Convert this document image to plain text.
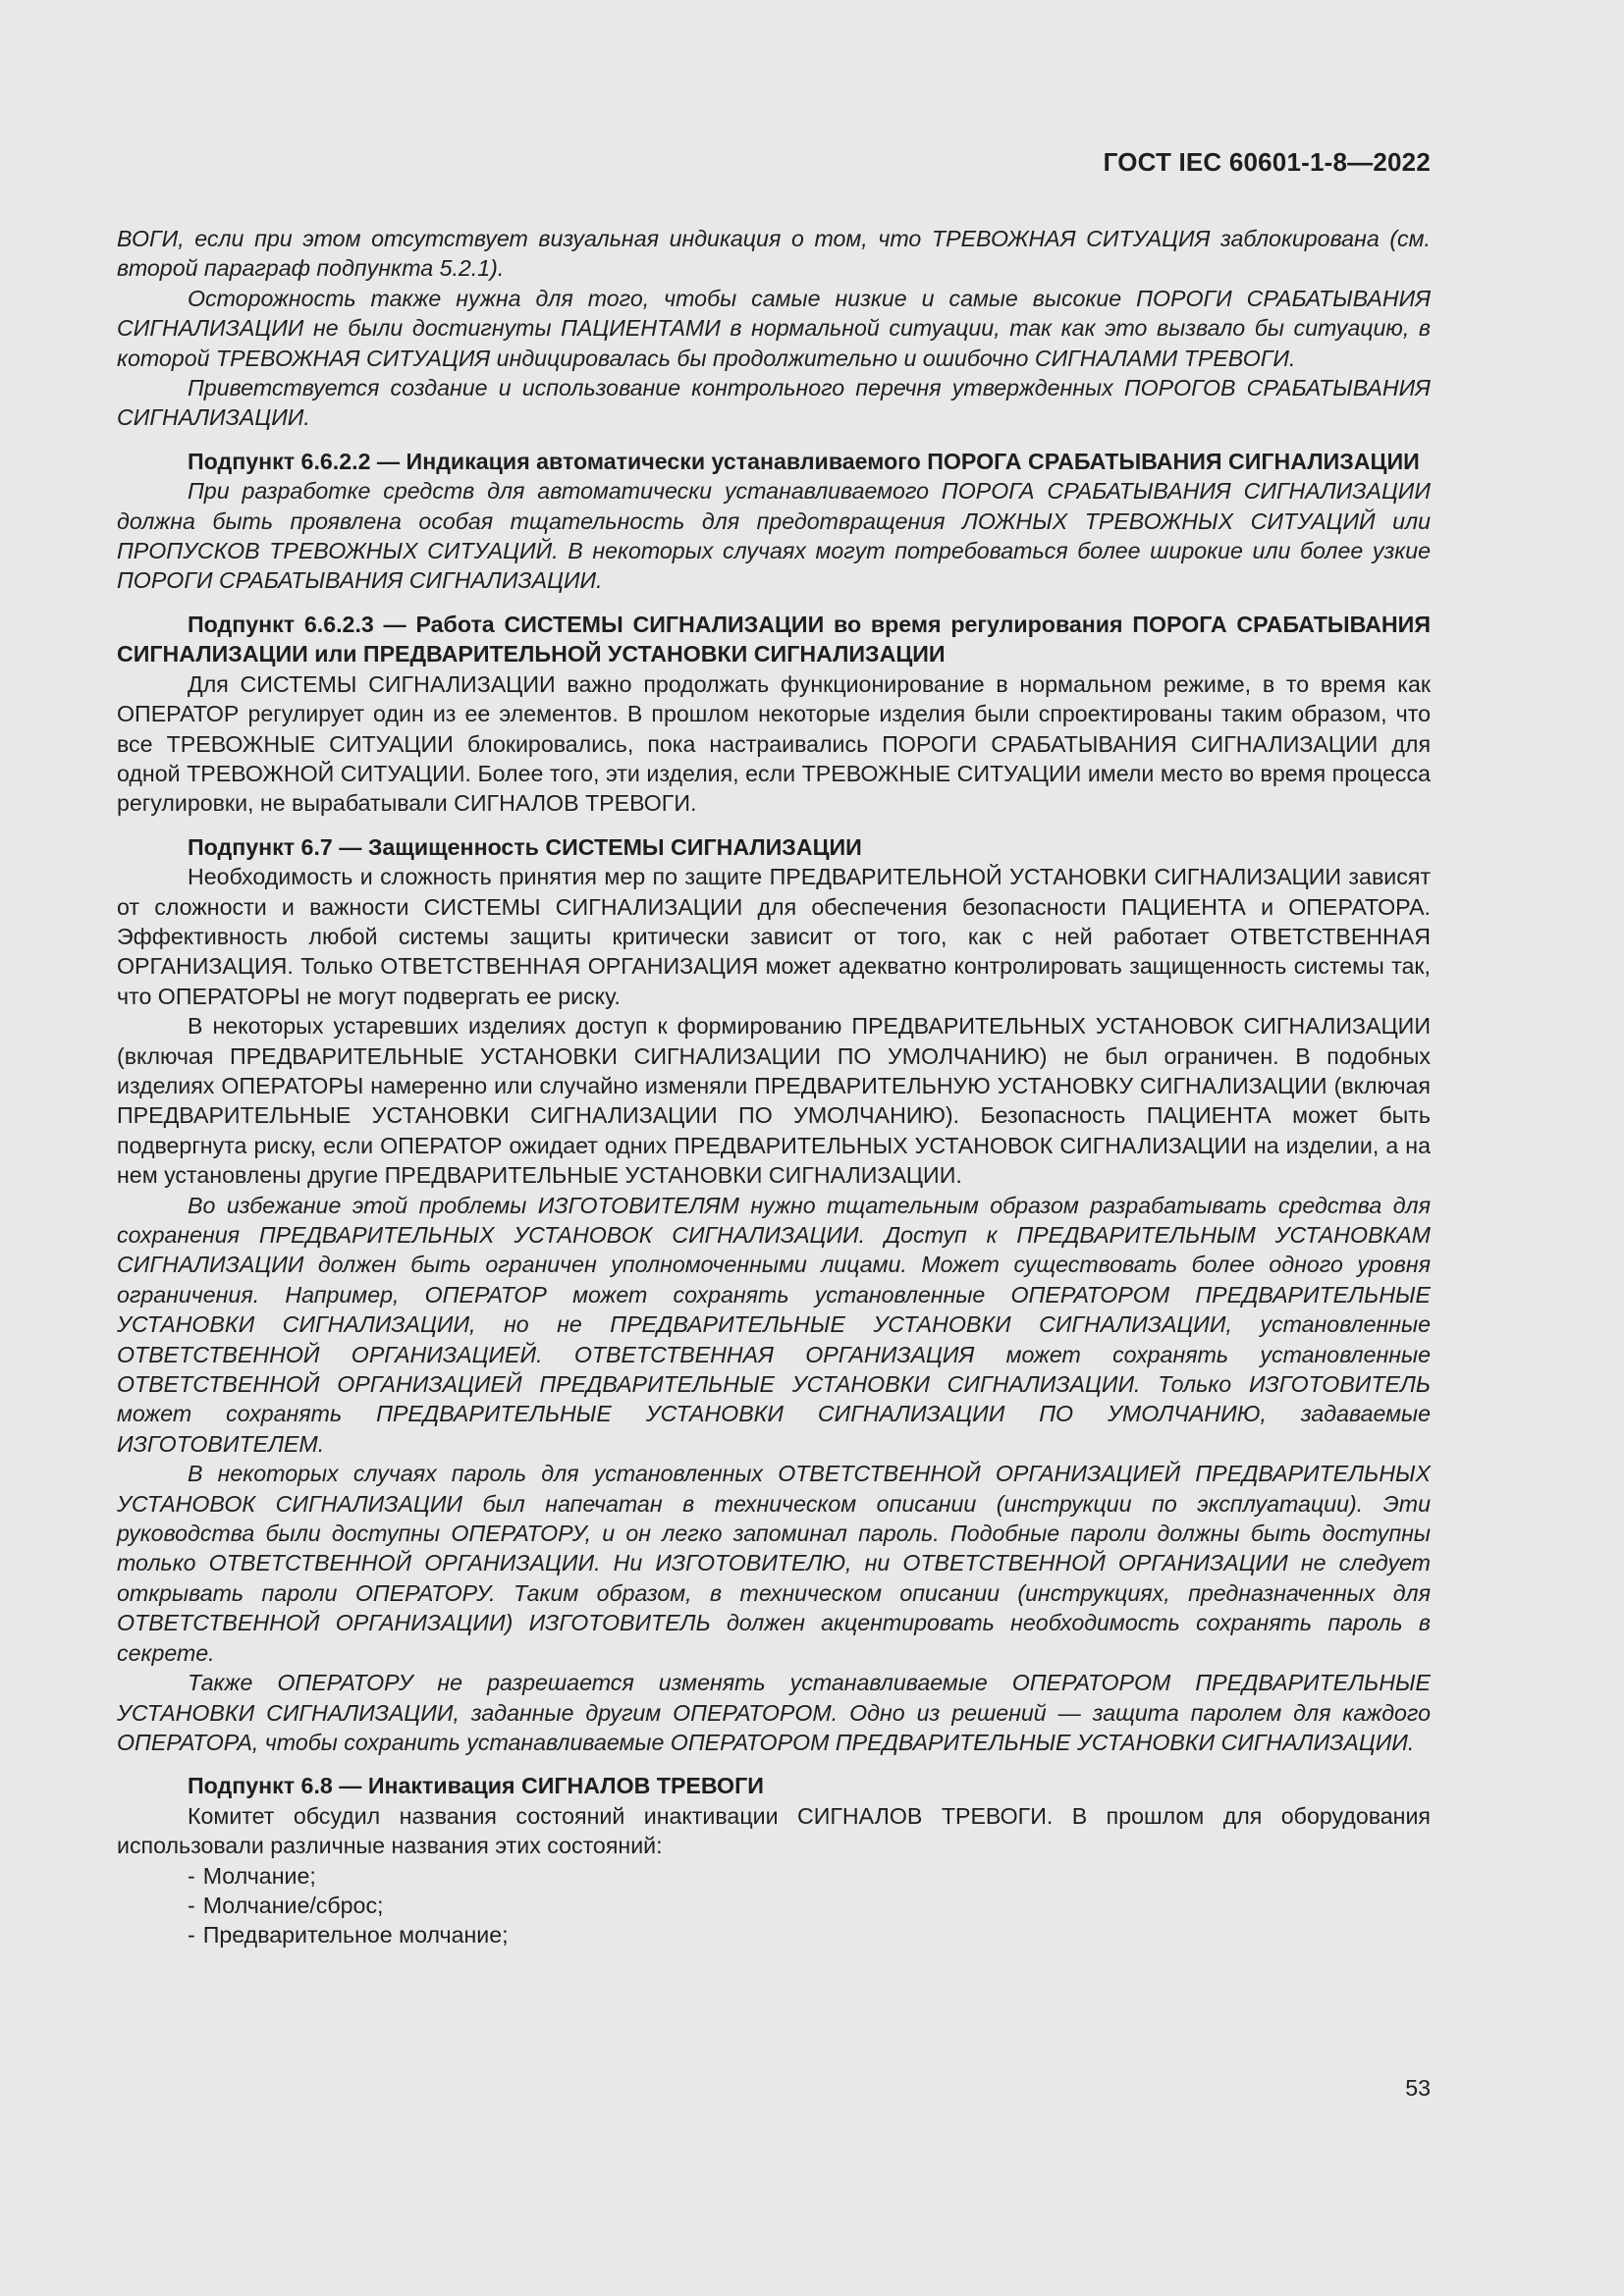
ГОСТ IEC 60601-1-8—2022

ВОГИ, если при этом отсутствует визуальная индикация о том, что ТРЕВОЖНАЯ СИТУАЦИЯ заблокирована (см. второй параграф подпункта 5.2.1).

Осторожность также нужна для того, чтобы самые низкие и самые высокие ПОРОГИ СРАБАТЫВАНИЯ СИГНАЛИЗАЦИИ не были достигнуты ПАЦИЕНТАМИ в нормальной ситуации, так как это вызвало бы ситуацию, в которой ТРЕВОЖНАЯ СИТУАЦИЯ индицировалась бы продолжительно и ошибочно СИГНАЛАМИ ТРЕВОГИ.

Приветствуется создание и использование контрольного перечня утвержденных ПОРОГОВ СРАБАТЫВАНИЯ СИГНАЛИЗАЦИИ.

Подпункт 6.6.2.2 — Индикация автоматически устанавливаемого ПОРОГА СРАБАТЫВАНИЯ СИГНАЛИЗАЦИИ

При разработке средств для автоматически устанавливаемого ПОРОГА СРАБАТЫВАНИЯ СИГНАЛИЗАЦИИ должна быть проявлена особая тщательность для предотвращения ЛОЖНЫХ ТРЕВОЖНЫХ СИТУАЦИЙ или ПРОПУСКОВ ТРЕВОЖНЫХ СИТУАЦИЙ. В некоторых случаях могут потребоваться более широкие или более узкие ПОРОГИ СРАБАТЫВАНИЯ СИГНАЛИЗАЦИИ.

Подпункт 6.6.2.3 — Работа СИСТЕМЫ СИГНАЛИЗАЦИИ во время регулирования ПОРОГА СРАБАТЫВАНИЯ СИГНАЛИЗАЦИИ или ПРЕДВАРИТЕЛЬНОЙ УСТАНОВКИ СИГНАЛИЗАЦИИ

Для СИСТЕМЫ СИГНАЛИЗАЦИИ важно продолжать функционирование в нормальном режиме, в то время как ОПЕРАТОР регулирует один из ее элементов. В прошлом некоторые изделия были спроектированы таким образом, что все ТРЕВОЖНЫЕ СИТУАЦИИ блокировались, пока настраивались ПОРОГИ СРАБАТЫВАНИЯ СИГНАЛИЗАЦИИ для одной ТРЕВОЖНОЙ СИТУАЦИИ. Более того, эти изделия, если ТРЕВОЖНЫЕ СИТУАЦИИ имели место во время процесса регулировки, не вырабатывали СИГНАЛОВ ТРЕВОГИ.

Подпункт 6.7 — Защищенность СИСТЕМЫ СИГНАЛИЗАЦИИ

Необходимость и сложность принятия мер по защите ПРЕДВАРИТЕЛЬНОЙ УСТАНОВКИ СИГНАЛИЗАЦИИ зависят от сложности и важности СИСТЕМЫ СИГНАЛИЗАЦИИ для обеспечения безопасности ПАЦИЕНТА и ОПЕРАТОРА. Эффективность любой системы защиты критически зависит от того, как с ней работает ОТВЕТСТВЕННАЯ ОРГАНИЗАЦИЯ. Только ОТВЕТСТВЕННАЯ ОРГАНИЗАЦИЯ может адекватно контролировать защищенность системы так, что ОПЕРАТОРЫ не могут подвергать ее риску.

В некоторых устаревших изделиях доступ к формированию ПРЕДВАРИТЕЛЬНЫХ УСТАНОВОК СИГНАЛИЗАЦИИ (включая ПРЕДВАРИТЕЛЬНЫЕ УСТАНОВКИ СИГНАЛИЗАЦИИ ПО УМОЛЧАНИЮ) не был ограничен. В подобных изделиях ОПЕРАТОРЫ намеренно или случайно изменяли ПРЕДВАРИТЕЛЬНУЮ УСТАНОВКУ СИГНАЛИЗАЦИИ (включая ПРЕДВАРИТЕЛЬНЫЕ УСТАНОВКИ СИГНАЛИЗАЦИИ ПО УМОЛЧАНИЮ). Безопасность ПАЦИЕНТА может быть подвергнута риску, если ОПЕРАТОР ожидает одних ПРЕДВАРИТЕЛЬНЫХ УСТАНОВОК СИГНАЛИЗАЦИИ на изделии, а на нем установлены другие ПРЕДВАРИТЕЛЬНЫЕ УСТАНОВКИ СИГНАЛИЗАЦИИ.

Во избежание этой проблемы ИЗГОТОВИТЕЛЯМ нужно тщательным образом разрабатывать средства для сохранения ПРЕДВАРИТЕЛЬНЫХ УСТАНОВОК СИГНАЛИЗАЦИИ. Доступ к ПРЕДВАРИТЕЛЬНЫМ УСТАНОВКАМ СИГНАЛИЗАЦИИ должен быть ограничен уполномоченными лицами. Может существовать более одного уровня ограничения. Например, ОПЕРАТОР может сохранять установленные ОПЕРАТОРОМ ПРЕДВАРИТЕЛЬНЫЕ УСТАНОВКИ СИГНАЛИЗАЦИИ, но не ПРЕДВАРИТЕЛЬНЫЕ УСТАНОВКИ СИГНАЛИЗАЦИИ, установленные ОТВЕТСТВЕННОЙ ОРГАНИЗАЦИЕЙ. ОТВЕТСТВЕННАЯ ОРГАНИЗАЦИЯ может сохранять установленные ОТВЕТСТВЕННОЙ ОРГАНИЗАЦИЕЙ ПРЕДВАРИТЕЛЬНЫЕ УСТАНОВКИ СИГНАЛИЗАЦИИ. Только ИЗГОТОВИТЕЛЬ может сохранять ПРЕДВАРИТЕЛЬНЫЕ УСТАНОВКИ СИГНАЛИЗАЦИИ ПО УМОЛЧАНИЮ, задаваемые ИЗГОТОВИТЕЛЕМ.

В некоторых случаях пароль для установленных ОТВЕТСТВЕННОЙ ОРГАНИЗАЦИЕЙ ПРЕДВАРИТЕЛЬНЫХ УСТАНОВОК СИГНАЛИЗАЦИИ был напечатан в техническом описании (инструкции по эксплуатации). Эти руководства были доступны ОПЕРАТОРУ, и он легко запоминал пароль. Подобные пароли должны быть доступны только ОТВЕТСТВЕННОЙ ОРГАНИЗАЦИИ. Ни ИЗГОТОВИТЕЛЮ, ни ОТВЕТСТВЕННОЙ ОРГАНИЗАЦИИ не следует открывать пароли ОПЕРАТОРУ. Таким образом, в техническом описании (инструкциях, предназначенных для ОТВЕТСТВЕННОЙ ОРГАНИЗАЦИИ) ИЗГОТОВИТЕЛЬ должен акцентировать необходимость сохранять пароль в секрете.

Также ОПЕРАТОРУ не разрешается изменять устанавливаемые ОПЕРАТОРОМ ПРЕДВАРИТЕЛЬНЫЕ УСТАНОВКИ СИГНАЛИЗАЦИИ, заданные другим ОПЕРАТОРОМ. Одно из решений — защита паролем для каждого ОПЕРАТОРА, чтобы сохранить устанавливаемые ОПЕРАТОРОМ ПРЕДВАРИТЕЛЬНЫЕ УСТАНОВКИ СИГНАЛИЗАЦИИ.

Подпункт 6.8 — Инактивация СИГНАЛОВ ТРЕВОГИ

Комитет обсудил названия состояний инактивации СИГНАЛОВ ТРЕВОГИ. В прошлом для оборудования использовали различные названия этих состояний:

- Молчание;
- Молчание/сброс;
- Предварительное молчание;
53
